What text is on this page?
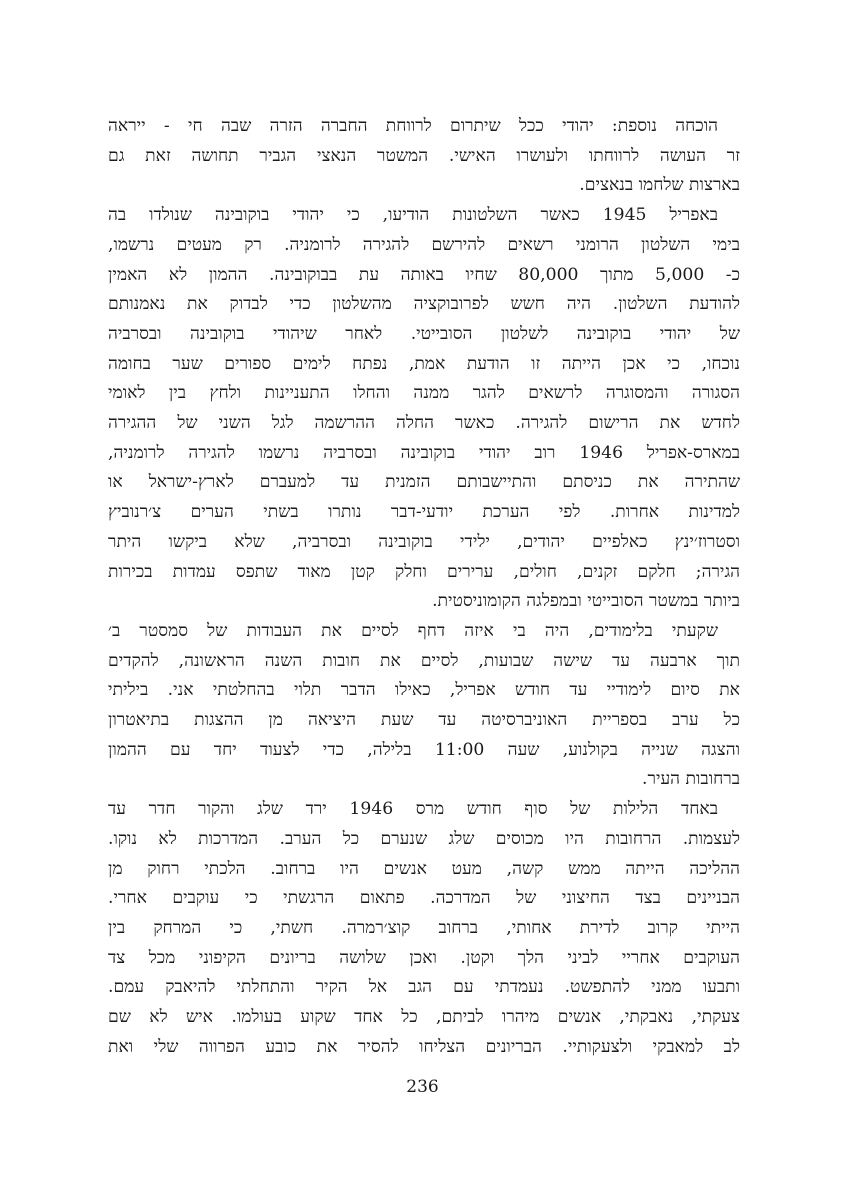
הוכחה נוספת: יהודי ככל שיתרום לרווחת החברה הזרה שבה חי - ייראה
זר העושה לרווחתו ולעושרו האישי. המשטר הנאצי הגביר תחושה זאת גם
בארצות שלחמו בנאצים.
באפריל 1945 כאשר השלטונות הודיעו, כי יהודי בוקובינה שנולדו בה
בימי השלטון הרומני רשאים להירשם להגירה לרומניה. רק מעטים נרשמו,
כ- 5,000 מתוך 80,000 שחיו באותה עת בבוקובינה. ההמון לא האמין
להודעת השלטון. היה חשש לפרובוקציה מהשלטון כדי לבדוק את נאמנותם
של יהודי בוקובינה לשלטון הסובייטי. לאחר שיהודי בוקובינה ובסרביה
נוכחו, כי אכן הייתה זו הודעת אמת, נפתח לימים ספורים שער בחומה
הסגורה והמסוגרה לרשאים להגר ממנה והחלו התעניינות ולחץ בין לאומי
לחדש את הרישום להגירה. כאשר החלה ההרשמה לגל השני של ההגירה
במארס-אפריל 1946 רוב יהודי בוקובינה ובסרביה נרשמו להגירה לרומניה,
שהתירה את כניסתם והתיישבותם הזמנית עד למעברם לארץ-ישראל או
למדינות אחרות. לפי הערכת יודעי-דבר נותרו בשתי הערים צ׳רנוביץ
וסטרוז׳ינץ כאלפיים יהודים, ילידי בוקובינה ובסרביה, שלא ביקשו היתר
הגירה; חלקם זקנים, חולים, ערירים וחלק קטן מאוד שתפס עמדות בכירות
ביותר במשטר הסובייטי ובמפלגה הקומוניסטית.
שקעתי בלימודים, היה בי איזה דחף לסיים את העבודות של סמסטר ב׳
תוך ארבעה עד שישה שבועות, לסיים את חובות השנה הראשונה, להקדים
את סיום לימודיי עד חודש אפריל, כאילו הדבר תלוי בהחלטתי אני. ביליתי
כל ערב בספריית האוניברסיטה עד שעת היציאה מן ההצגות בתיאטרון
והצגה שנייה בקולנוע, שעה 11:00 בלילה, כדי לצעוד יחד עם ההמון
ברחובות העיר.
באחד הלילות של סוף חודש מרס 1946 ירד שלג והקור חדר עד
לעצמות. הרחובות היו מכוסים שלג שנערם כל הערב. המדרכות לא נוקו.
ההליכה הייתה ממש קשה, מעט אנשים היו ברחוב. הלכתי רחוק מן
הבניינים בצד החיצוני של המדרכה. פתאום הרגשתי כי עוקבים אחרי.
הייתי קרוב לדירת אחותי, ברחוב קוצ׳רמרה. חשתי, כי המרחק בין
העוקבים אחריי לביני הלך וקטן. ואכן שלושה בריונים הקיפוני מכל צד
ותבעו ממני להתפשט. נעמדתי עם הגב אל הקיר והתחלתי להיאבק עמם.
צעקתי, נאבקתי, אנשים מיהרו לביתם, כל אחד שקוע בעולמו. איש לא שם
לב למאבקי ולצעקותיי. הבריונים הצליחו להסיר את כובע הפרווה שלי ואת
236
